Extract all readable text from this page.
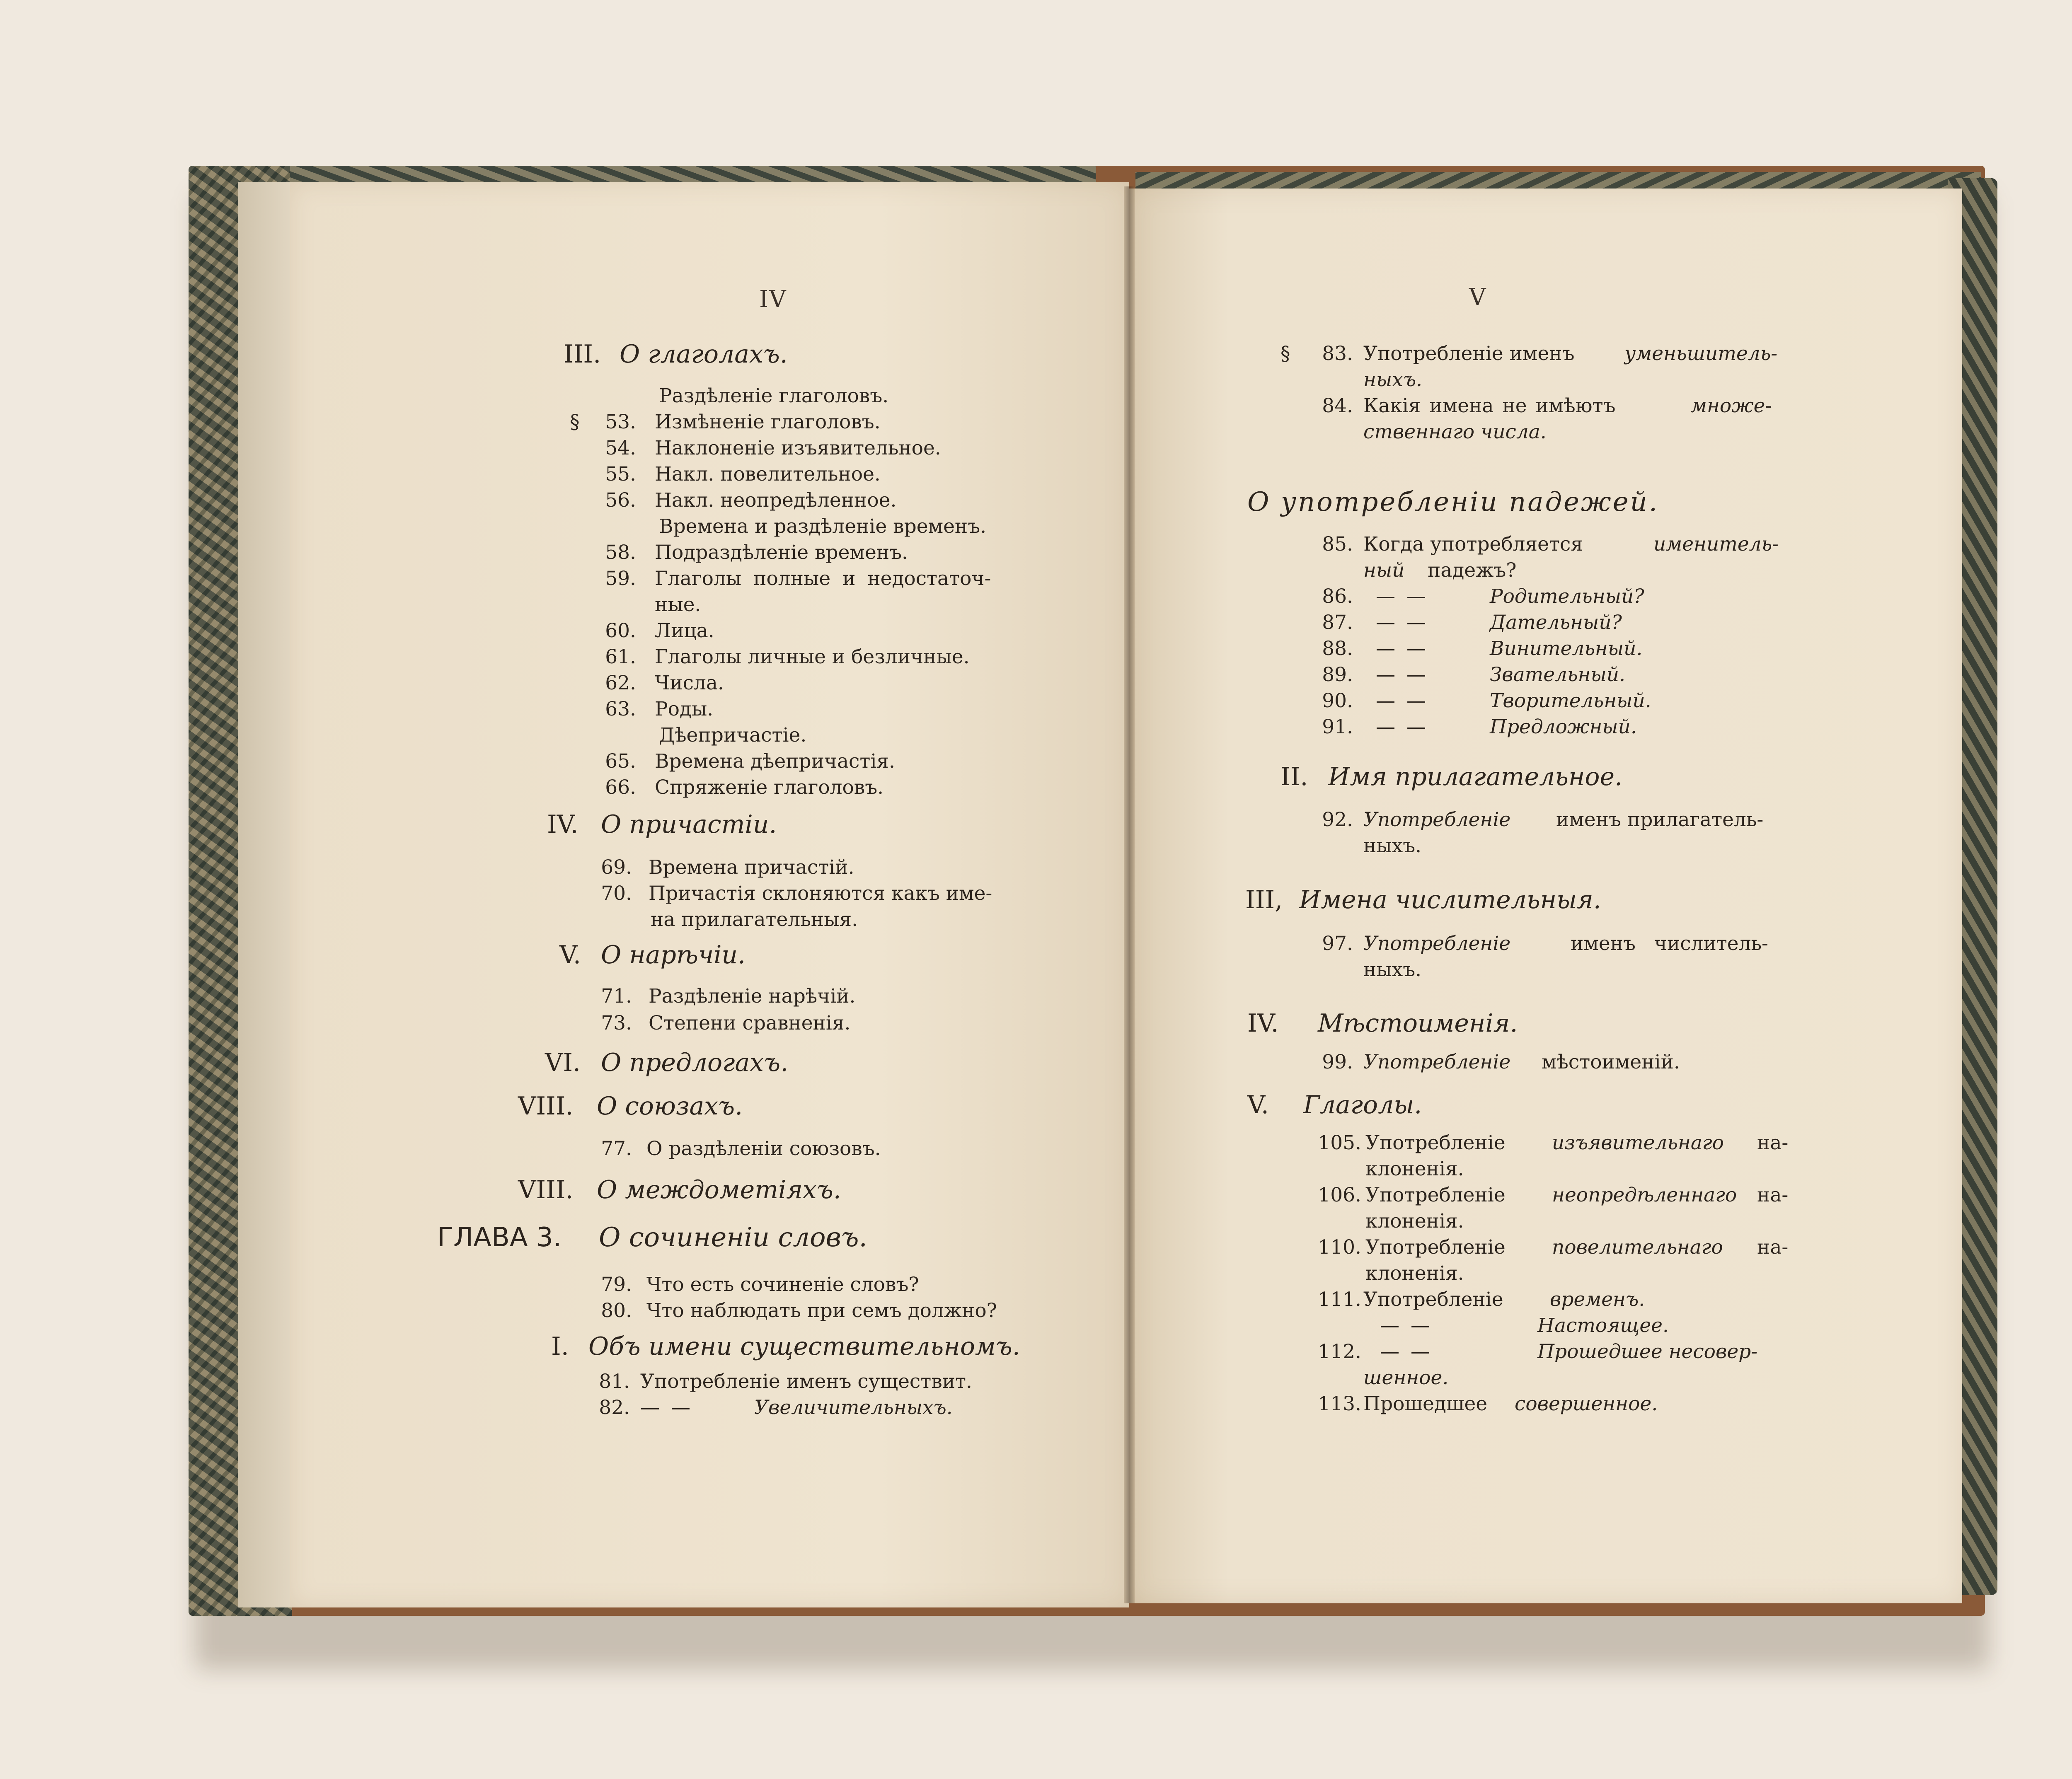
IV
III. О глаголахъ.
Раздѣленіе глаголовъ.
§	53. Измѣненіе глаголовъ.
54. Наклоненіе изъявительное.
55. Накл. повелительное.
56. Накл. неопредѣленное.
Времена и раздѣленіе временъ.
58. Подраздѣленіе временъ.
59. Глаголы полные и недостаточ-
ные.
60. Лица.
61. Глаголы личные и безличные.
62. Числа.
63. Роды.
Дѣепричастіе.
65. Времена дѣепричастія.
66. Спряженіе глаголовъ.
IV. О причастіи.
69. Времена причастій.
70. Причастія склоняются какъ име-
на прилагательныя.
V. О нарѣчіи.
71. Раздѣленіе нарѣчій.
73. Степени сравненія.
VI. О предлогахъ.
VIII. О союзахъ.
77. О раздѣленіи союзовъ.
VIII. О междометіяхъ.
ГЛАВА 3. О сочиненіи словъ.
79. Что есть сочиненіе словъ?
80. Что наблюдать при семъ должно?
I. Объ имени существительномъ.
81. Употребленіе именъ существит.
82. — —	Увеличительныхъ.
V
§	83. Употребленіе именъ	уменьшитель-
ныхъ.
84. Какія имена не имѣютъ	множе-
ственнаго числа.
О употребленіи падежей.
85. Когда употребляется	именитель-
ный падежъ?
86. — —	Родительный?
87. — —	Дательный?
88. — —	Винительный.
89. — —	Звательный.
90. — —	Творительный.
91. — —	Предложный.
II. Имя прилагательное.
92. Употребленіе именъ прилагатель-
ныхъ.
III, Имена числительныя.
97. Употребленіе	именъ числитель-
ныхъ.
IV. Мѣстоименія.
99. Употребленіе мѣстоименій.
V. Глаголы.
105. Употребленіе изъявительнаго на-
клоненія.
106. Употребленіе неопредѣленнаго на-
клоненія.
110. Употребленіе повелительнаго на-
клоненія.
111. Употребленіе временъ.
— —	Настоящее.
112. — —	Прошедшее несовер-
шенное.
113. Прошедшее совершенное.
